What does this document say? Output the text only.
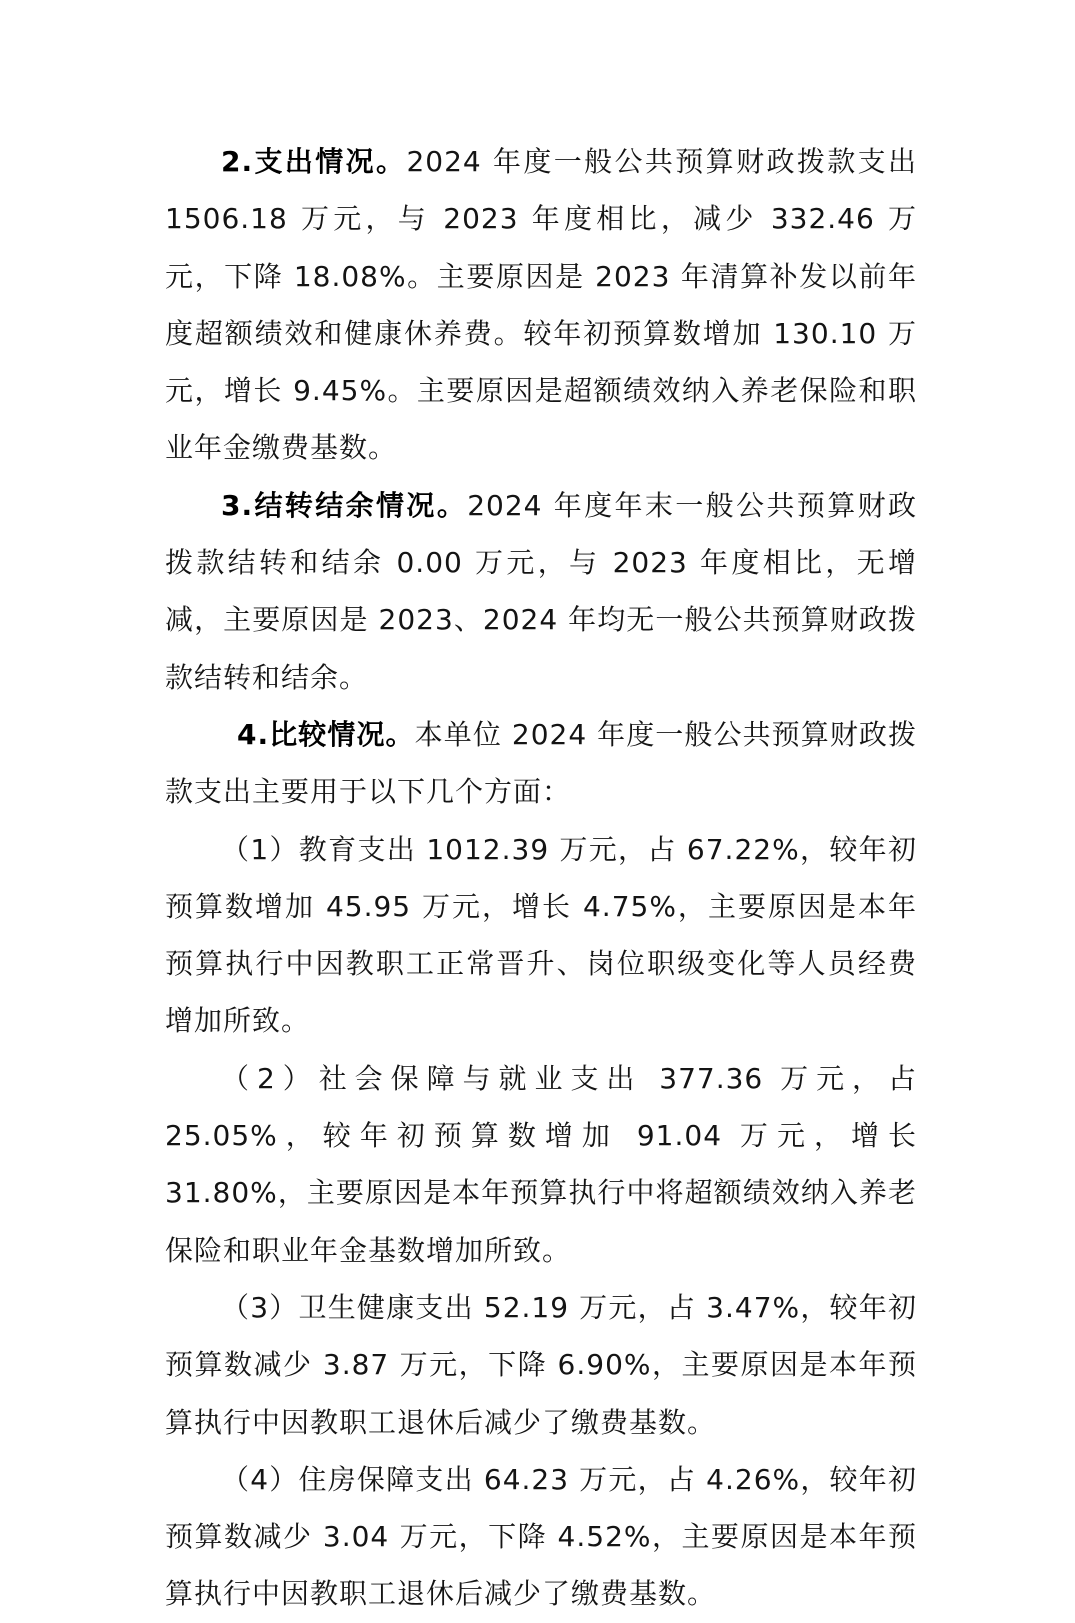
2.支出情况。2024 年度一般公共预算财政拨款支出 1506.18 万元，与 2023 年度相比，减少 332.46 万元，下降 18.08%。主要原因是 2023 年清算补发以前年度超额绩效和健康休养费。较年初预算数增加 130.10 万元，增长 9.45%。主要原因是超额绩效纳入养老保险和职业年金缴费基数。

3.结转结余情况。2024 年度年末一般公共预算财政拨款结转和结余 0.00 万元，与 2023 年度相比，无增减，主要原因是 2023、2024 年均无一般公共预算财政拨款结转和结余。

4.比较情况。本单位 2024 年度一般公共预算财政拨款支出主要用于以下几个方面：

（1）教育支出 1012.39 万元，占 67.22%，较年初预算数增加 45.95 万元，增长 4.75%，主要原因是本年预算执行中因教职工正常晋升、岗位职级变化等人员经费增加所致。

（2）社会保障与就业支出 377.36 万元，占 25.05%，较年初预算数增加 91.04 万元，增长 31.80%，主要原因是本年预算执行中将超额绩效纳入养老保险和职业年金基数增加所致。

（3）卫生健康支出 52.19 万元，占 3.47%，较年初预算数减少 3.87 万元，下降 6.90%，主要原因是本年预算执行中因教职工退休后减少了缴费基数。

（4）住房保障支出 64.23 万元，占 4.26%，较年初预算数减少 3.04 万元，下降 4.52%，主要原因是本年预算执行中因教职工退休后减少了缴费基数。
